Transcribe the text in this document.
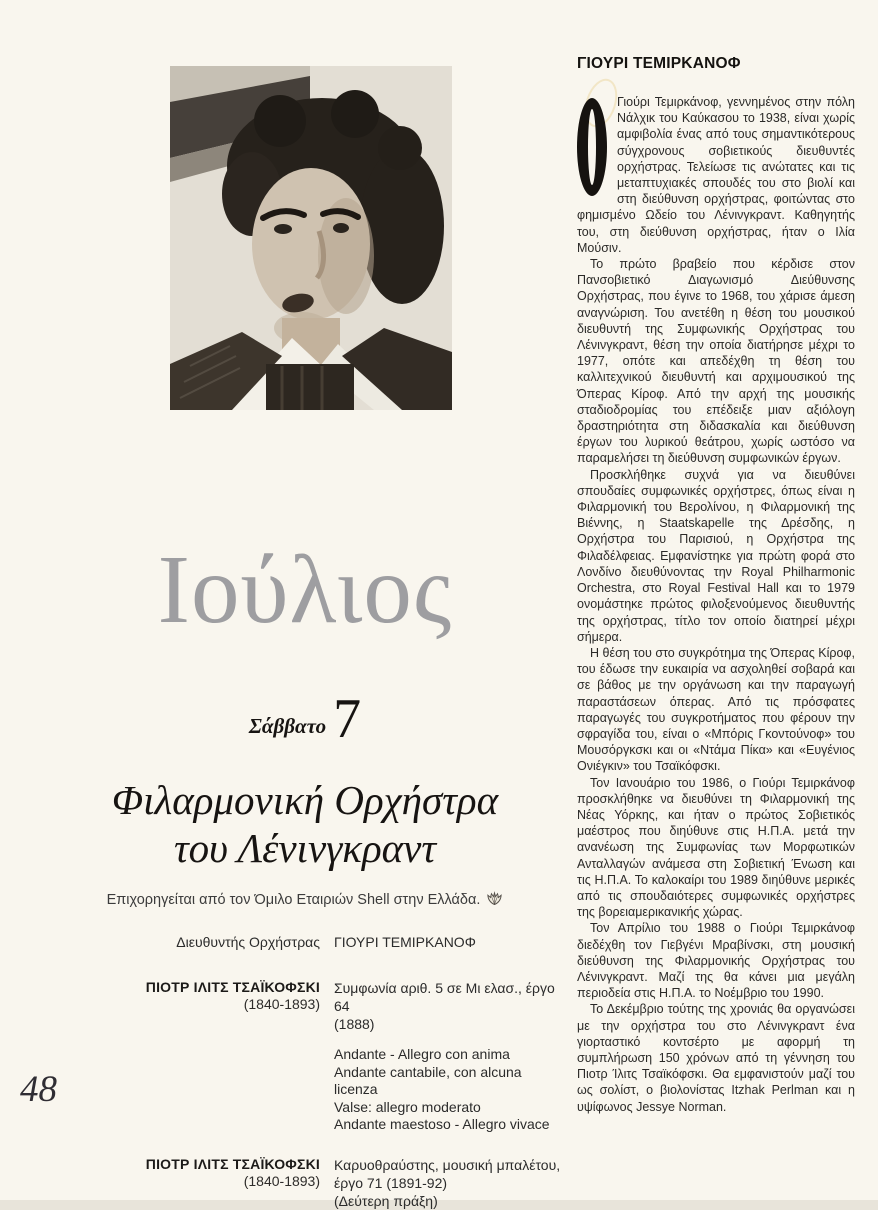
Ιούλιος
Σάββατο 7
Φιλαρμονική Ορχήστρα
του Λένινγκραντ
Επιχορηγείται από τον Όμιλο Εταιριών Shell στην Ελλάδα.
Διευθυντής Ορχήστρας ΓΙΟΥΡΙ ΤΕΜΙΡΚΑΝΟΦ
ΠΙΟΤΡ ΙΛΙΤΣ ΤΣΑΪΚΟΦΣΚΙ
(1840-1893)
Συμφωνία αριθ. 5 σε Μι ελασ., έργο 64
(1888)
Andante - Allegro con anima
Andante cantabile, con alcuna licenza
Valse: allegro moderato
Andante maestoso - Allegro vivace
ΠΙΟΤΡ ΙΛΙΤΣ ΤΣΑΪΚΟΦΣΚΙ
(1840-1893)
Καρυοθραύστης, μουσική μπαλέτου,
έργο 71 (1891-92)
(Δεύτερη πράξη)
48
ΓΙΟΥΡΙ ΤΕΜΙΡΚΑΝΟΦ

Γιούρι Τεμιρκάνοφ, γεννημένος στην πόλη Νάλχικ του Καύκασου το 1938, είναι χωρίς αμφιβολία ένας από τους σημαντικότερους σύγχρονους σοβιετικούς διευθυντές ορχήστρας. Τελείωσε τις ανώτατες και τις μεταπτυχιακές σπουδές του στο βιολί και στη διεύθυνση ορχήστρας, φοιτώντας στο φημισμένο Ωδείο του Λένινγκραντ. Καθηγητής του, στη διεύθυνση ορχήστρας, ήταν ο Ιλία Μούσιν.

Το πρώτο βραβείο που κέρδισε στον Πανσοβιετικό Διαγωνισμό Διεύθυνσης Ορχήστρας, που έγινε το 1968, του χάρισε άμεση αναγνώριση. Του ανετέθη η θέση του μουσικού διευθυντή της Συμφωνικής Ορχήστρας του Λένινγκραντ, θέση την οποία διατήρησε μέχρι το 1977, οπότε και απεδέχθη τη θέση του καλλιτεχνικού διευθυντή και αρχιμουσικού της Όπερας Κίροφ. Από την αρχή της μουσικής σταδιοδρομίας του επέδειξε μιαν αξιόλογη δραστηριότητα στη διδασκαλία και διεύθυνση έργων του λυρικού θεάτρου, χωρίς ωστόσο να παραμελήσει τη διεύθυνση συμφωνικών έργων.

Προσκλήθηκε συχνά για να διευθύνει σπουδαίες συμφωνικές ορχήστρες, όπως είναι η Φιλαρμονική του Βερολίνου, η Φιλαρμονική της Βιέννης, η Staatskapelle της Δρέσδης, η Ορχήστρα του Παρισιού, η Ορχήστρα της Φιλαδέλφειας. Εμφανίστηκε για πρώτη φορά στο Λονδίνο διευθύνοντας την Royal Philharmonic Orchestra, στο Royal Festival Hall και το 1979 ονομάστηκε πρώτος φιλοξενούμενος διευθυντής της ορχήστρας, τίτλο τον οποίο διατηρεί μέχρι σήμερα.

Η θέση του στο συγκρότημα της Όπερας Κίροφ, του έδωσε την ευκαιρία να ασχοληθεί σοβαρά και σε βάθος με την οργάνωση και την παραγωγή παραστάσεων όπερας. Από τις πρόσφατες παραγωγές του συγκροτήματος που φέρουν την σφραγίδα του, είναι ο «Μπόρις Γκοντούνοφ» του Μουσόργκσκι και οι «Ντάμα Πίκα» και «Ευγένιος Ονιέγκιν» του Τσαϊκόφσκι.

Τον Ιανουάριο του 1986, ο Γιούρι Τεμιρκάνοφ προσκλήθηκε να διευθύνει τη Φιλαρμονική της Νέας Υόρκης, και ήταν ο πρώτος Σοβιετικός μαέστρος που διηύθυνε στις Η.Π.Α. μετά την ανανέωση της Συμφωνίας των Μορφωτικών Ανταλλαγών ανάμεσα στη Σοβιετική Ένωση και τις Η.Π.Α. Το καλοκαίρι του 1989 διηύθυνε μερικές από τις σπουδαιότερες συμφωνικές ορχήστρες της βορειαμερικανικής χώρας.

Τον Απρίλιο του 1988 ο Γιούρι Τεμιρκάνοφ διεδέχθη τον Γιεβγένι Μραβίνσκι, στη μουσική διεύθυνση της Φιλαρμονικής Ορχήστρας του Λένινγκραντ. Μαζί της θα κάνει μια μεγάλη περιοδεία στις Η.Π.Α. το Νοέμβριο του 1990.

Το Δεκέμβριο τούτης της χρονιάς θα οργανώσει με την ορχήστρα του στο Λένινγκραντ ένα γιορταστικό κοντσέρτο με αφορμή τη συμπλήρωση 150 χρόνων από τη γέννηση του Πιοτρ Ίλιτς Τσαϊκόφσκι. Θα εμφανιστούν μαζί του ως σολίστ, ο βιολονίστας Itzhak Perlman και η υψίφωνος Jessye Norman.
